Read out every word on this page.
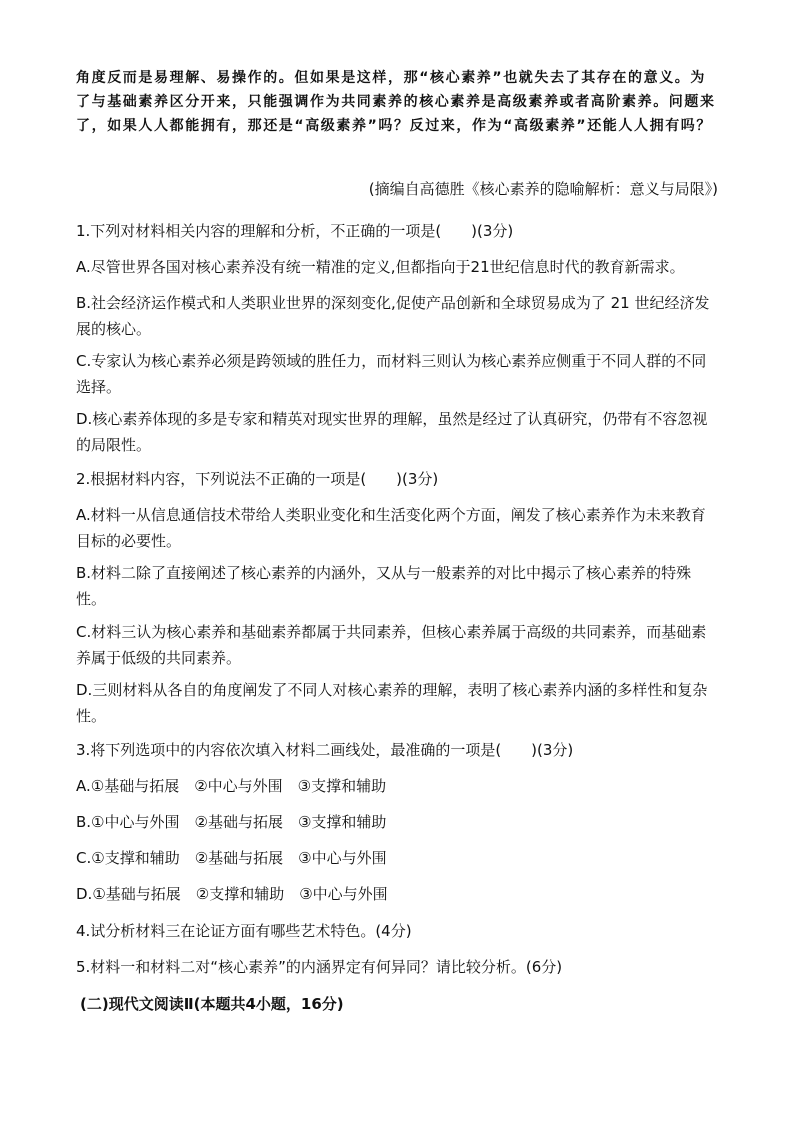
角度反而是易理解、易操作的。但如果是这样，那“核心素养”也就失去了其存在的意义。为了与基础素养区分开来，只能强调作为共同素养的核心素养是高级素养或者高阶素养。问题来了，如果人人都能拥有，那还是“高级素养”吗？反过来，作为“高级素养”还能人人拥有吗？

(摘编自高德胜《核心素养的隐喻解析：意义与局限》)

1.下列对材料相关内容的理解和分析，不正确的一项是(　　)(3分)

A.尽管世界各国对核心素养没有统一精准的定义,但都指向于21世纪信息时代的教育新需求。

B.社会经济运作模式和人类职业世界的深刻变化,促使产品创新和全球贸易成为了 21 世纪经济发展的核心。

C.专家认为核心素养必须是跨领域的胜任力，而材料三则认为核心素养应侧重于不同人群的不同选择。

D.核心素养体现的多是专家和精英对现实世界的理解，虽然是经过了认真研究，仍带有不容忽视的局限性。

2.根据材料内容，下列说法不正确的一项是(　　)(3分)

A.材料一从信息通信技术带给人类职业变化和生活变化两个方面，阐发了核心素养作为未来教育目标的必要性。

B.材料二除了直接阐述了核心素养的内涵外，又从与一般素养的对比中揭示了核心素养的特殊性。

C.材料三认为核心素养和基础素养都属于共同素养，但核心素养属于高级的共同素养，而基础素养属于低级的共同素养。

D.三则材料从各自的角度阐发了不同人对核心素养的理解，表明了核心素养内涵的多样性和复杂性。

3.将下列选项中的内容依次填入材料二画线处，最准确的一项是(　　)(3分)

A.①基础与拓展　②中心与外围　③支撑和辅助

B.①中心与外围　②基础与拓展　③支撑和辅助

C.①支撑和辅助　②基础与拓展　③中心与外围

D.①基础与拓展　②支撑和辅助　③中心与外围

4.试分析材料三在论证方面有哪些艺术特色。(4分)

5.材料一和材料二对“核心素养”的内涵界定有何异同？请比较分析。(6分)

(二)现代文阅读Ⅱ(本题共4小题，16分)
